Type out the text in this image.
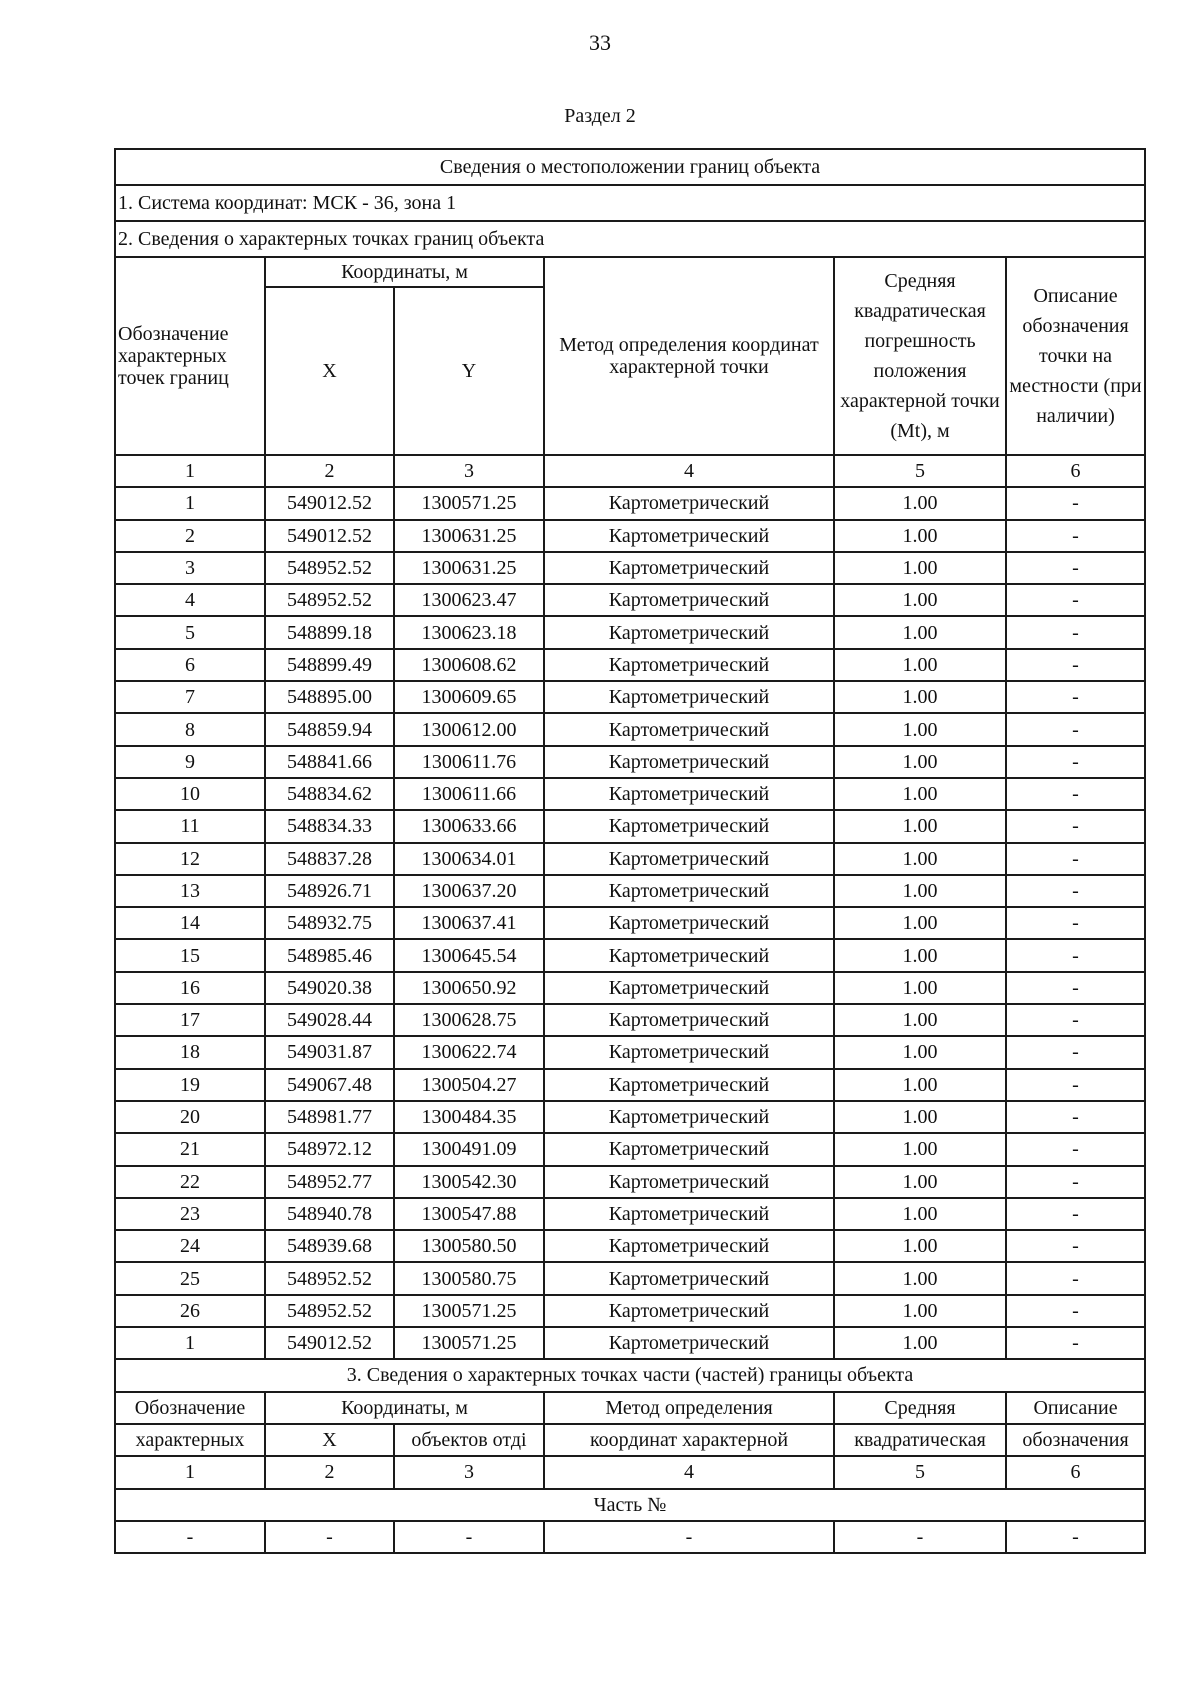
33
Раздел 2
Сведения о местоположении границ объекта					
1. Система координат: МСК - 36, зона 1					
2. Сведения о характерных точках границ объекта					
Обозначение характерных точек границ	Координаты, м		Метод определения координат характерной точки	Средняя квадратическая погрешность положения характерной точки (Mt), м	Описание обозначения точки на местности (при наличии)
	X	Y			
1	2	3	4	5	6
1	549012.52	1300571.25	Картометрический	1.00	-
2	549012.52	1300631.25	Картометрический	1.00	-
3	548952.52	1300631.25	Картометрический	1.00	-
4	548952.52	1300623.47	Картометрический	1.00	-
5	548899.18	1300623.18	Картометрический	1.00	-
6	548899.49	1300608.62	Картометрический	1.00	-
7	548895.00	1300609.65	Картометрический	1.00	-
8	548859.94	1300612.00	Картометрический	1.00	-
9	548841.66	1300611.76	Картометрический	1.00	-
10	548834.62	1300611.66	Картометрический	1.00	-
11	548834.33	1300633.66	Картометрический	1.00	-
12	548837.28	1300634.01	Картометрический	1.00	-
13	548926.71	1300637.20	Картометрический	1.00	-
14	548932.75	1300637.41	Картометрический	1.00	-
15	548985.46	1300645.54	Картометрический	1.00	-
16	549020.38	1300650.92	Картометрический	1.00	-
17	549028.44	1300628.75	Картометрический	1.00	-
18	549031.87	1300622.74	Картометрический	1.00	-
19	549067.48	1300504.27	Картометрический	1.00	-
20	548981.77	1300484.35	Картометрический	1.00	-
21	548972.12	1300491.09	Картометрический	1.00	-
22	548952.77	1300542.30	Картометрический	1.00	-
23	548940.78	1300547.88	Картометрический	1.00	-
24	548939.68	1300580.50	Картометрический	1.00	-
25	548952.52	1300580.75	Картометрический	1.00	-
26	548952.52	1300571.25	Картометрический	1.00	-
1	549012.52	1300571.25	Картометрический	1.00	-
3. Сведения о характерных точках части (частей) границы объекта					
Обозначение	Координаты, м		Метод определения	Средняя	Описание
характерных	X	объектов отді	координат характерной	квадратическая	обозначения
1	2	3	4	5	6
Часть №					
-	-	-	-	-	-
